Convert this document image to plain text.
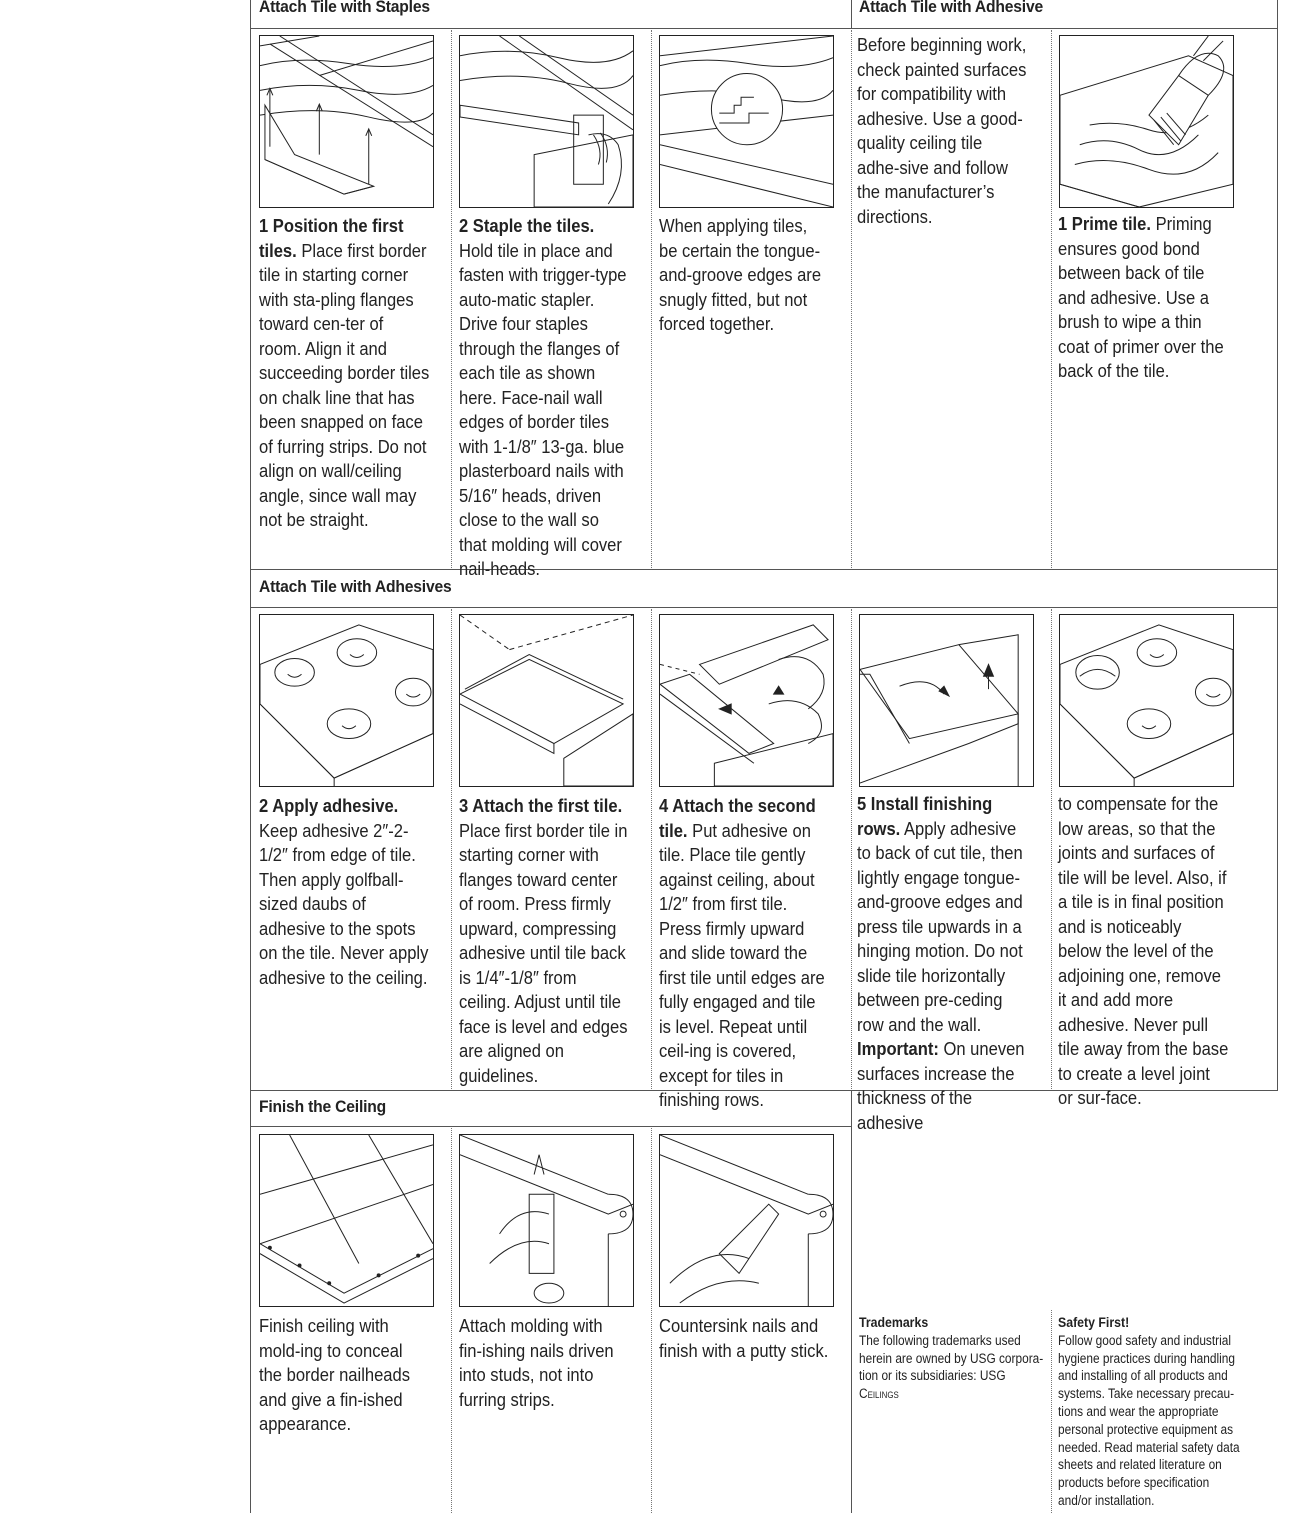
Attach Tile with Staples	Attach Tile with Adhesive
Attach Tile with Adhesives
Finish the Ceiling
1 Position the first tiles. Place first border tile in starting corner with sta-pling flanges toward cen-ter of room. Align it and succeeding border tiles on chalk line that has been snapped on face of furring strips. Do not align on wall/ceiling angle, since wall may not be straight.
2 Staple the tiles. Hold tile in place and fasten with trigger-type auto-matic stapler. Drive four staples through the flanges of each tile as shown here. Face-nail wall edges of border tiles with 1-1/8″ 13-ga. blue plasterboard nails with 5/16″ heads, driven close to the wall so that molding will cover nail-heads.
When applying tiles, be certain the tongue-and-groove edges are snugly fitted, but not forced together.
Before beginning work, check painted surfaces for compatibility with adhesive. Use a good-quality ceiling tile adhe-sive and follow the manufacturer’s directions.	1 Prime tile. Priming ensures good bond between back of tile and adhesive. Use a brush to wipe a thin coat of primer over the back of the tile.
2 Apply adhesive. Keep adhesive 2″-2-1/2″ from edge of tile. Then apply golfball-sized daubs of adhesive to the spots on the tile. Never apply adhesive to the ceiling.
3 Attach the first tile. Place first border tile in starting corner with flanges toward center of room. Press firmly upward, compressing adhesive until tile back is 1/4″-1/8″ from ceiling. Adjust until tile face is level and edges are aligned on guidelines.
4 Attach the second tile. Put adhesive on tile. Place tile gently against ceiling, about 1/2″ from first tile. Press firmly upward and slide toward the first tile until edges are fully engaged and tile is level. Repeat until ceil-ing is covered, except for tiles in finishing rows.
5 Install finishing rows. Apply adhesive to back of cut tile, then lightly engage tongue-and-groove edges and press tile upwards in a hinging motion. Do not slide tile horizontally between pre-ceding row and the wall. Important: On uneven surfaces increase the thickness of the adhesive
to compensate for the low areas, so that the joints and surfaces of tile will be level. Also, if a tile is in final position and is noticeably below the level of the adjoining one, remove it and add more adhesive. Never pull tile away from the base to create a level joint or sur-face.
Finish ceiling with mold-ing to conceal the border nailheads and give a fin-ished appearance.
Attach molding with fin-ishing nails driven into studs, not into furring strips.
Countersink nails and finish with a putty stick.
Trademarks
The following trademarks used herein are owned by USG corpora-tion or its subsidiaries: USG Ceilings
Safety First!
Follow good safety and industrial hygiene practices during handling and installing of all products and systems. Take necessary precau-tions and wear the appropriate personal protective equipment as needed. Read material safety data sheets and related literature on products before specification and/or installation.
